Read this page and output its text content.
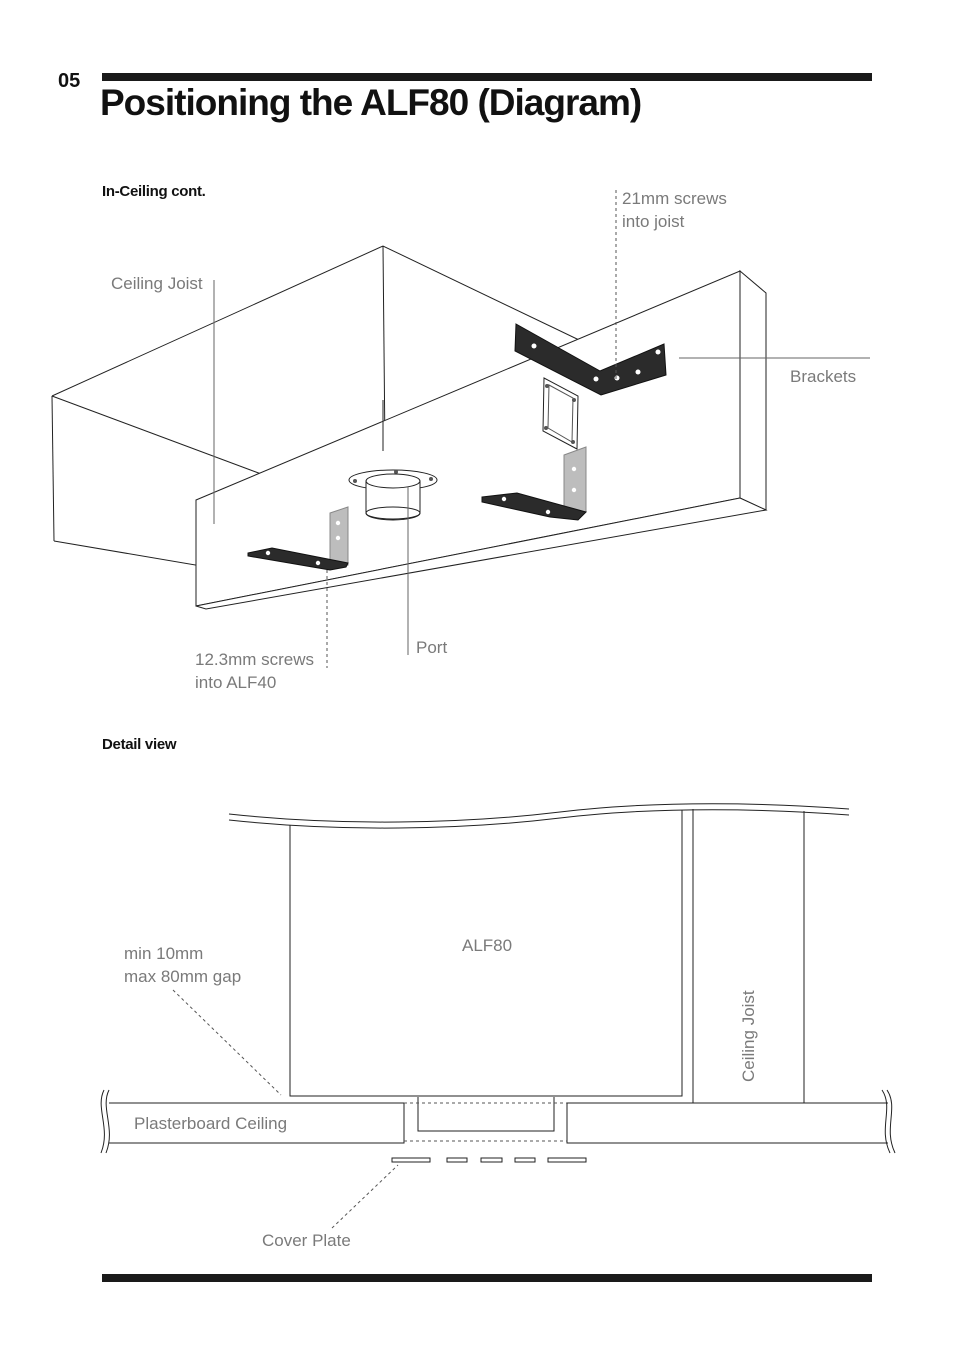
05
Positioning the ALF80 (Diagram)
In-Ceiling cont.
Detail view
Ceiling Joist
21mm screws
into joist
Brackets
Port
12.3mm screws
into ALF40
ALF80
min 10mm
max 80mm gap
Ceiling Joist
Plasterboard Ceiling
Cover Plate
